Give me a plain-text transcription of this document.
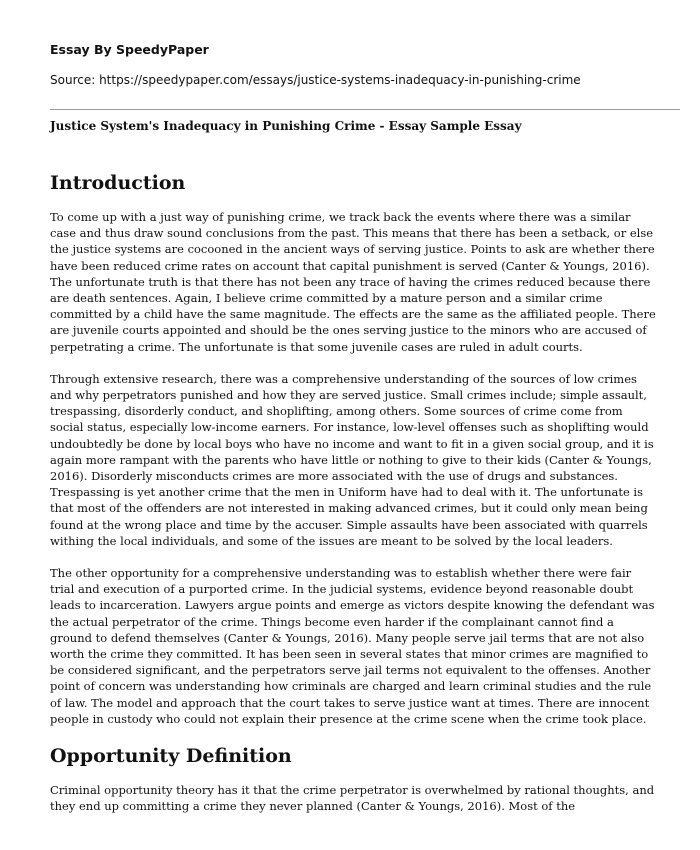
Essay By SpeedyPaper
Source: https://speedypaper.com/essays/justice-systems-inadequacy-in-punishing-crime
Justice System's Inadequacy in Punishing Crime - Essay Sample Essay
Introduction

To come up with a just way of punishing crime, we track back the events where there was a similar case and thus draw sound conclusions from the past. This means that there has been a setback, or else the justice systems are cocooned in the ancient ways of serving justice. Points to ask are whether there have been reduced crime rates on account that capital punishment is served (Canter & Youngs, 2016). The unfortunate truth is that there has not been any trace of having the crimes reduced because there are death sentences. Again, I believe crime committed by a mature person and a similar crime committed by a child have the same magnitude. The effects are the same as the affiliated people. There are juvenile courts appointed and should be the ones serving justice to the minors who are accused of perpetrating a crime. The unfortunate is that some juvenile cases are ruled in adult courts.

Through extensive research, there was a comprehensive understanding of the sources of low crimes and why perpetrators punished and how they are served justice. Small crimes include; simple assault, trespassing, disorderly conduct, and shoplifting, among others. Some sources of crime come from social status, especially low-income earners. For instance, low-level offenses such as shoplifting would undoubtedly be done by local boys who have no income and want to fit in a given social group, and it is again more rampant with the parents who have little or nothing to give to their kids (Canter & Youngs, 2016). Disorderly misconducts crimes are more associated with the use of drugs and substances. Trespassing is yet another crime that the men in Uniform have had to deal with it. The unfortunate is that most of the offenders are not interested in making advanced crimes, but it could only mean being found at the wrong place and time by the accuser. Simple assaults have been associated with quarrels withing the local individuals, and some of the issues are meant to be solved by the local leaders.

The other opportunity for a comprehensive understanding was to establish whether there were fair trial and execution of a purported crime. In the judicial systems, evidence beyond reasonable doubt leads to incarceration. Lawyers argue points and emerge as victors despite knowing the defendant was the actual perpetrator of the crime. Things become even harder if the complainant cannot find a ground to defend themselves (Canter & Youngs, 2016). Many people serve jail terms that are not also worth the crime they committed. It has been seen in several states that minor crimes are magnified to be considered significant, and the perpetrators serve jail terms not equivalent to the offenses. Another point of concern was understanding how criminals are charged and learn criminal studies and the rule of law. The model and approach that the court takes to serve justice want at times. There are innocent people in custody who could not explain their presence at the crime scene when the crime took place.

Opportunity Definition

Criminal opportunity theory has it that the crime perpetrator is overwhelmed by rational thoughts, and they end up committing a crime they never planned (Canter & Youngs, 2016). Most of the
